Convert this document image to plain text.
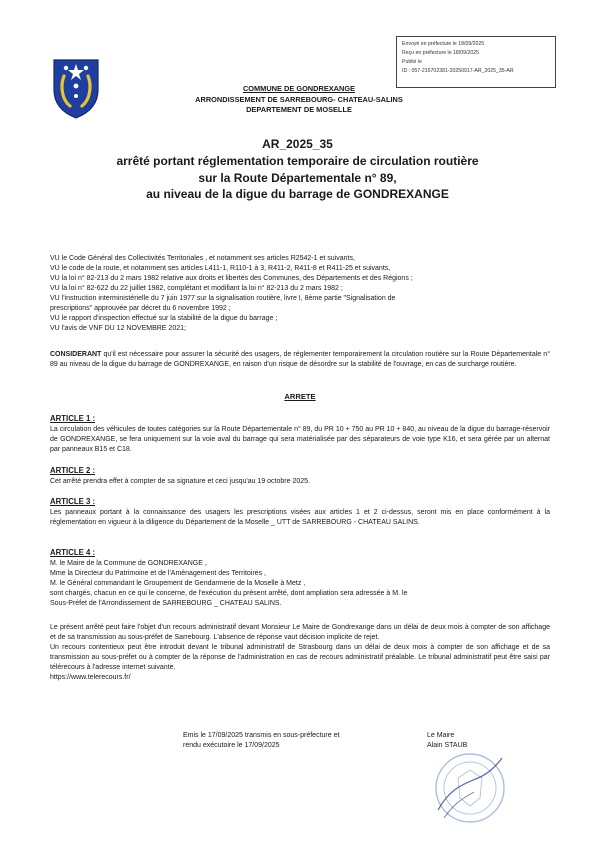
Envoyé en préfecture le 18/09/2025
Reçu en préfecture le 18/09/2025
Publié le
ID : 057-215702381-20250917-AR_2025_35-AR
COMMUNE DE GONDREXANGE
ARRONDISSEMENT DE SARREBOURG- CHATEAU-SALINS
DEPARTEMENT DE MOSELLE
AR_2025_35
arrêté portant réglementation temporaire de circulation routière
sur la Route Départementale n° 89,
au niveau de la digue du barrage de GONDREXANGE
VU le Code Général des Collectivités Territoriales , et notamment ses articles R2542-1 et suivants,
VU le code de la route, et notamment ses articles L411-1, R110-1 à 3, R411-2, R411-8 et R411-25 et suivants,
VU la loi n° 82-213 du 2 mars 1982 relative aux droits et libertés des Communes, des Départements et des Régions ;
VU la loi n° 82-622 du 22 juillet 1982, complétant et modifiant la loi n° 82-213 du 2 mars 1982 ;
VU l'instruction interministérielle du 7 juin 1977 sur la signalisation routière, livre I, 8ème partie "Signalisation de
prescriptions" approuvée par décret du 6 novembre 1992 ;
VU le rapport d'inspection effectué sur la stabilité de la digue du barrage ;
VU l'avis de VNF DU 12 NOVEMBRE 2021;
CONSIDERANT qu'il est nécessaire pour assurer la sécurité des usagers, de réglementer temporairement la circulation routière sur la Route Départementale n° 89 au niveau de la digue du barrage de GONDREXANGE, en raison d'un risque de désordre sur la stabilité de l'ouvrage, en cas de surcharge routière.
ARRETE
ARTICLE 1 :

La circulation des véhicules de toutes catégories sur la Route Départementale n° 89, du PR 10 + 750 au PR 10 + 840, au niveau de la digue du barrage-réservoir de GONDREXANGE, se fera uniquement sur la voie aval du barrage qui sera matérialisée par des séparateurs de voie type K16, et sera gérée par un alternat par panneaux B15 et C18.

ARTICLE 2 :

Cet arrêté prendra effet à compter de sa signature et ceci jusqu'au 19 octobre 2025.

ARTICLE 3 :

Les panneaux portant à la connaissance des usagers les prescriptions visées aux articles 1 et 2 ci-dessus, seront mis en place conformément à la réglementation en vigueur à la diligence du Département de la Moselle _ UTT de SARREBOURG - CHATEAU SALINS.

ARTICLE 4 :
M. le Maire de la Commune de GONDREXANGE ,
Mme la Directeur du Patrimoine et de l'Aménagement des Territoires ,
M. le Général commandant le Groupement de Gendarmerie de la Moselle à Metz ,
sont chargés, chacun en ce qui le concerne, de l'exécution du présent arrêté, dont ampliation sera adressée à M. le
Sous-Préfet de l'Arrondissement de SARREBOURG _ CHATEAU SALINS.

Le présent arrêté peut faire l'objet d'un recours administratif devant Monsieur Le Maire de Gondrexange dans un délai de deux mois à compter de son affichage et de sa transmission au sous-préfet de Sarrebourg. L'absence de réponse vaut décision implicite de rejet.

Un recours contentieux peut être introduit devant le tribunal administratif de Strasbourg dans un délai de deux mois à compter de son affichage et de sa transmission au sous-préfet ou à compter de la réponse de l'administration en cas de recours administratif préalable. Le tribunal administratif peut être saisi par télérecours à l'adresse internet suivante.

https://www.telerecours.fr/
Emis le 17/09/2025 transmis en sous-préfecture et
rendu exécutoire le 17/09/2025
Le Maire
Alain STAUB
